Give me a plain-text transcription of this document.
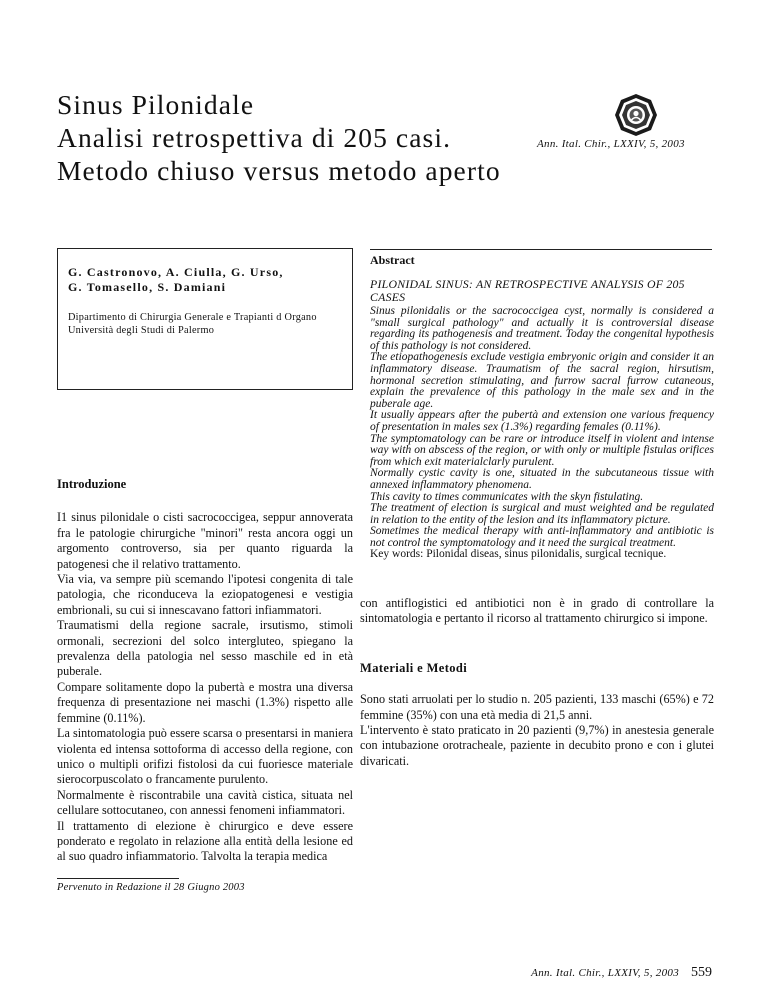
Sinus Pilonidale
Analisi retrospettiva di 205 casi.
Metodo chiuso versus metodo aperto
Ann. Ital. Chir., LXXIV, 5, 2003
G. Castronovo, A. Ciulla, G. Urso,
G. Tomasello, S. Damiani
Dipartimento di Chirurgia Generale e Trapianti d Organo
Università degli Studi di Palermo
Abstract
PILONIDAL SINUS: AN RETROSPECTIVE ANALYSIS OF 205 CASES

Sinus pilonidalis or the sacrococcigea cyst, normally is considered a "small surgical pathology" and actually it is controversial disease regarding its pathogenesis and treatment. Today the congenital hypothesis of this pathology is not considered.

The etiopathogenesis exclude vestigia embryonic origin and consider it an inflammatory disease. Traumatism of the sacral region, hirsutism, hormonal secretion stimulating, and furrow sacral furrow cutaneous, explain the prevalence of this pathology in the male sex and in the puberale age.

It usually appears after the pubertà and extension one various frequency of presentation in males sex (1.3%) regarding females (0.11%).

The symptomatology can be rare or introduce itself in violent and intense way with on abscess of the region, or with only or multiple fistulas orifices from which exit materialclarly purulent.

Normally cystic cavity is one, situated in the subcutaneous tissue with annexed inflammatory phenomena.

This cavity to times communicates with the skyn fistulating.

The treatment of election is surgical and must weighted and be regulated in relation to the entity of the lesion and its inflammatory picture.

Sometimes the medical therapy with anti-inflammatory and antibiotic is not control the symptomatology and it need the surgical treatment.

Key words: Pilonidal diseas, sinus pilonidalis, surgical tecnique.

Introduzione

I1 sinus pilonidale o cisti sacrococcigea, seppur annoverata fra le patologie chirurgiche "minori" resta ancora oggi un argomento controverso, sia per quanto riguarda la patogenesi che il relativo trattamento.

Via via, va sempre più scemando l'ipotesi congenita di tale patologia, che riconduceva la eziopatogenesi e vestigia embrionali, su cui si innescavano fattori infiammatori.

Traumatismi della regione sacrale, irsutismo, stimoli ormonali, secrezioni del solco intergluteo, spiegano la prevalenza della patologia nel sesso maschile ed in età puberale.

Compare solitamente dopo la pubertà e mostra una diversa frequenza di presentazione nei maschi (1.3%) rispetto alle femmine (0.11%).

La sintomatologia può essere scarsa o presentarsi in maniera violenta ed intensa sottoforma di accesso della regione, con unico o multipli orifizi fistolosi da cui fuoriesce materiale sierocorpuscolato o francamente purulento.

Normalmente è riscontrabile una cavità cistica, situata nel cellulare sottocutaneo, con annessi fenomeni infiammatori.

Il trattamento di elezione è chirurgico e deve essere ponderato e regolato in relazione alla entità della lesione ed al suo quadro infiammatorio. Talvolta la terapia medica

con antiflogistici ed antibiotici non è in grado di controllare la sintomatologia e pertanto il ricorso al trattamento chirurgico si impone.

Materiali e Metodi

Sono stati arruolati per lo studio n. 205 pazienti, 133 maschi (65%) e 72 femmine (35%) con una età media di 21,5 anni.

L'intervento è stato praticato in 20 pazienti (9,7%) in anestesia generale con intubazione orotracheale, paziente in decubito prono e con i glutei divaricati.

Pervenuto in Redazione il 28 Giugno 2003
Ann. Ital. Chir., LXXIV, 5, 2003 559
